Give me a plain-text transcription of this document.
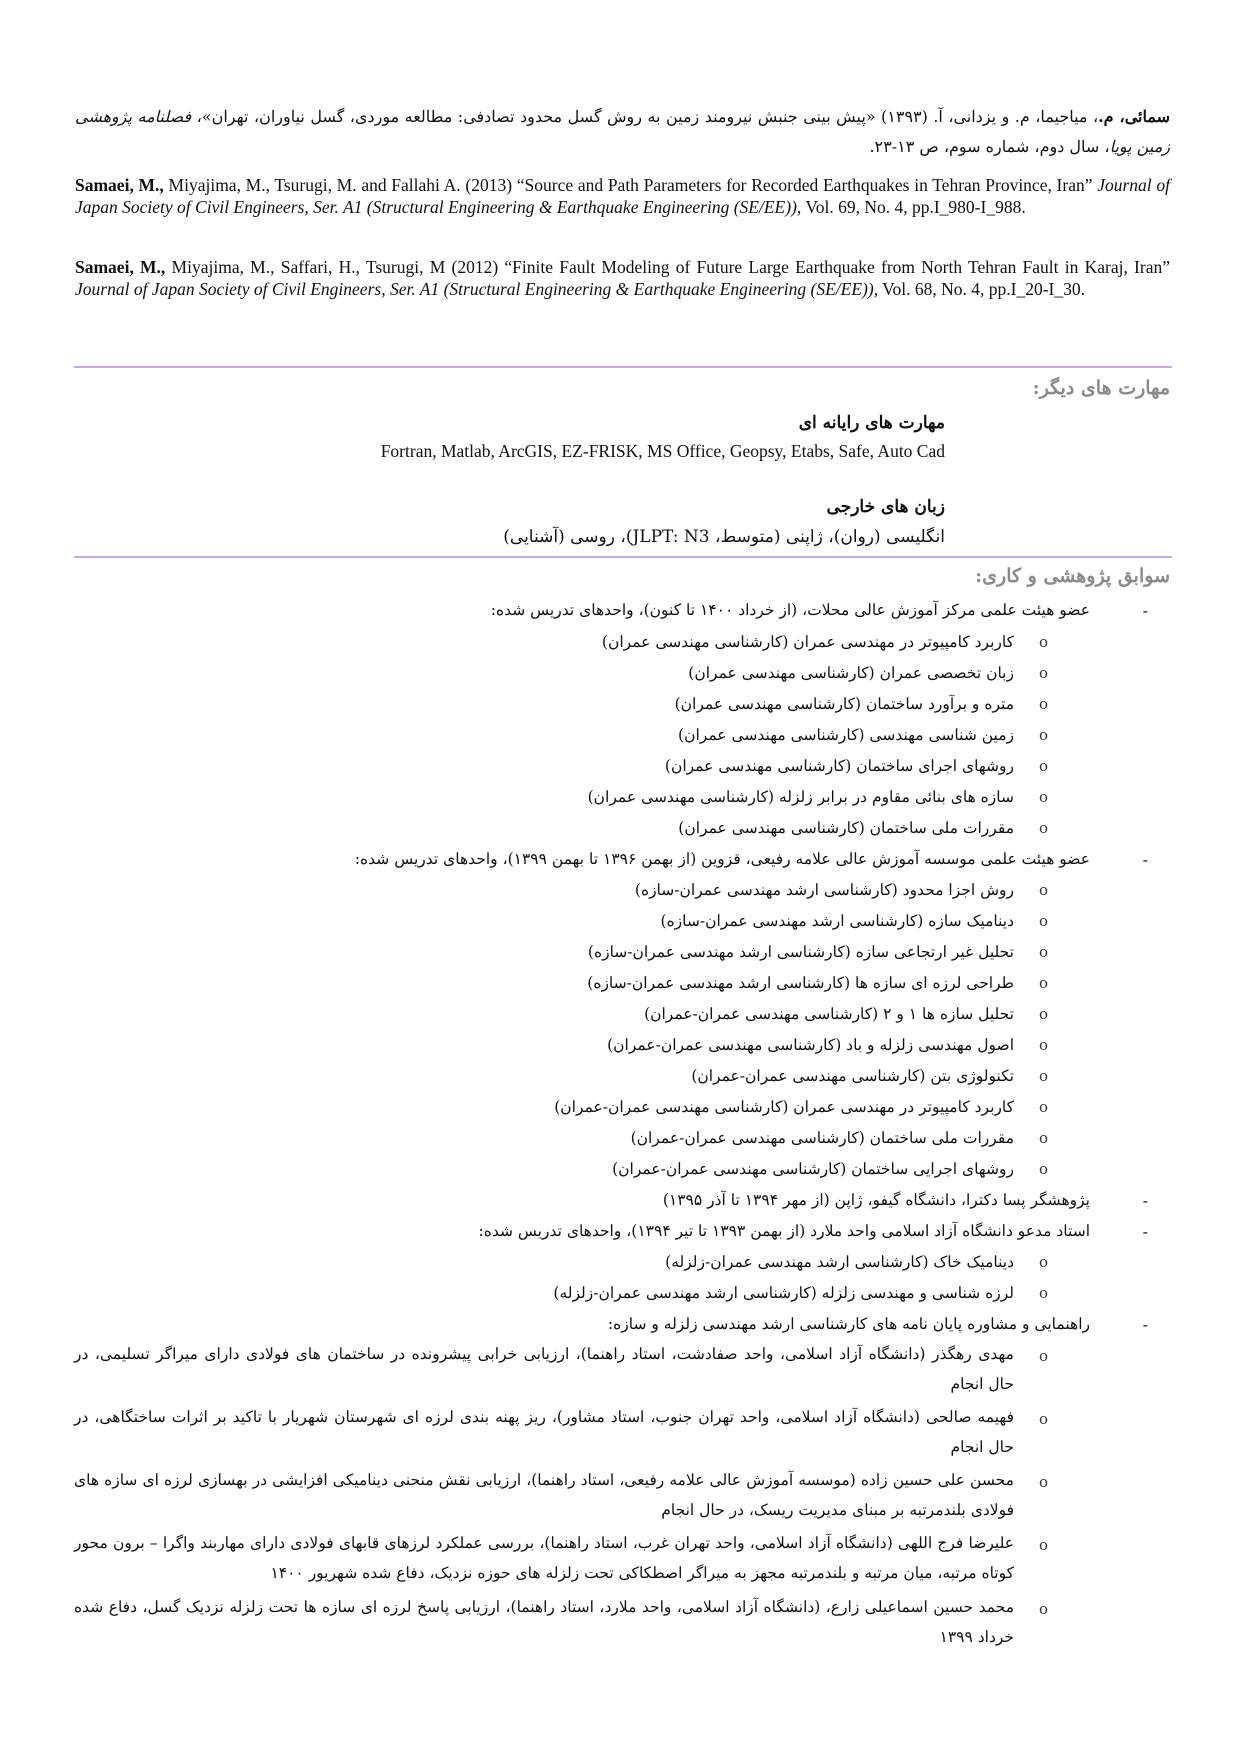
سمائی، م.، میاجیما، م. و یزدانی، آ. (۱۳۹۳) «پیش بینی جنبش نیرومند زمین به روش گسل محدود تصادفی: مطالعه موردی، گسل نیاوران، تهران»، فصلنامه پژوهشی زمین پویا، سال دوم، شماره سوم، ص ۱۳-۲۳.
Samaei, M., Miyajima, M., Tsurugi, M. and Fallahi A. (2013) “Source and Path Parameters for Recorded Earthquakes in Tehran Province, Iran” Journal of Japan Society of Civil Engineers, Ser. A1 (Structural Engineering & Earthquake Engineering (SE/EE)), Vol. 69, No. 4, pp.I_980-I_988.
Samaei, M., Miyajima, M., Saffari, H., Tsurugi, M (2012) “Finite Fault Modeling of Future Large Earthquake from North Tehran Fault in Karaj, Iran” Journal of Japan Society of Civil Engineers, Ser. A1 (Structural Engineering & Earthquake Engineering (SE/EE)), Vol. 68, No. 4, pp.I_20-I_30.
مهارت های دیگر:
مهارت های رایانه ای
Fortran, Matlab, ArcGIS, EZ-FRISK, MS Office, Geopsy, Etabs, Safe, Auto Cad
زبان های خارجی
انگلیسی (روان)، ژاپنی (متوسط، JLPT: N3)، روسی (آشنایی)
سوابق پژوهشی و کاری:
-
عضو هیئت علمی مرکز آموزش عالی محلات، (از خرداد ۱۴۰۰ تا کنون)، واحدهای تدریس شده:
o
کاربرد کامپیوتر در مهندسی عمران (کارشناسی مهندسی عمران)
o
زبان تخصصی عمران (کارشناسی مهندسی عمران)
o
متره و برآورد ساختمان (کارشناسی مهندسی عمران)
o
زمین شناسی مهندسی (کارشناسی مهندسی عمران)
o
روشهای اجرای ساختمان (کارشناسی مهندسی عمران)
o
سازه های بنائی مقاوم در برابر زلزله (کارشناسی مهندسی عمران)
o
مقررات ملی ساختمان (کارشناسی مهندسی عمران)
-
عضو هیئت علمی موسسه آموزش عالی علامه رفیعی، قزوین (از بهمن ۱۳۹۶ تا بهمن ۱۳۹۹)، واحدهای تدریس شده:
o
روش اجزا محدود (کارشناسی ارشد مهندسی عمران-سازه)
o
دینامیک سازه (کارشناسی ارشد مهندسی عمران-سازه)
o
تحلیل غیر ارتجاعی سازه (کارشناسی ارشد مهندسی عمران-سازه)
o
طراحی لرزه ای سازه ها (کارشناسی ارشد مهندسی عمران-سازه)
o
تحلیل سازه ها ۱ و ۲ (کارشناسی مهندسی عمران-عمران)
o
اصول مهندسی زلزله و باد (کارشناسی مهندسی عمران-عمران)
o
تکنولوژی بتن (کارشناسی مهندسی عمران-عمران)
o
کاربرد کامپیوتر در مهندسی عمران (کارشناسی مهندسی عمران-عمران)
o
مقررات ملی ساختمان (کارشناسی مهندسی عمران-عمران)
o
روشهای اجرایی ساختمان (کارشناسی مهندسی عمران-عمران)
-
پژوهشگر پسا دکترا، دانشگاه گیفو، ژاپن (از مهر ۱۳۹۴ تا آذر ۱۳۹۵)
-
استاد مدعو دانشگاه آزاد اسلامی واحد ملارد (از بهمن ۱۳۹۳ تا تیر ۱۳۹۴)، واحدهای تدریس شده:
o
دینامیک خاک (کارشناسی ارشد مهندسی عمران-زلزله)
o
لرزه شناسی و مهندسی زلزله (کارشناسی ارشد مهندسی عمران-زلزله)
-
راهنمایی و مشاوره پایان نامه های کارشناسی ارشد مهندسی زلزله و سازه:
o
مهدی رهگذر (دانشگاه آزاد اسلامی، واحد صفادشت، استاد راهنما)، ارزیابی خرابی پیشرونده در ساختمان های فولادی دارای میراگر تسلیمی، در حال انجام
o
فهیمه صالحی (دانشگاه آزاد اسلامی، واحد تهران جنوب، استاد مشاور)، ریز پهنه بندی لرزه ای شهرستان شهریار با تاکید بر اثرات ساختگاهی، در حال انجام
o
محسن علی حسین زاده (موسسه آموزش عالی علامه رفیعی، استاد راهنما)، ارزیابی نقش منحنی دینامیکی افزایشی در بهسازی لرزه ای سازه های فولادی بلندمرتبه بر مبنای مدیریت ریسک، در حال انجام
o
علیرضا فرج اللهی (دانشگاه آزاد اسلامی، واحد تهران غرب، استاد راهنما)، بررسی عملکرد لرزهای قابهای فولادی دارای مهاربند واگرا – برون محور کوتاه مرتبه، میان مرتبه و بلندمرتبه مجهز به میراگر اصطکاکی تحت زلزله های حوزه نزدیک، دفاع شده شهریور ۱۴۰۰
o
محمد حسین اسماعیلی زارع، (دانشگاه آزاد اسلامی، واحد ملارد، استاد راهنما)، ارزیابی پاسخ لرزه ای سازه ها تحت زلزله نزدیک گسل، دفاع شده خرداد ۱۳۹۹
